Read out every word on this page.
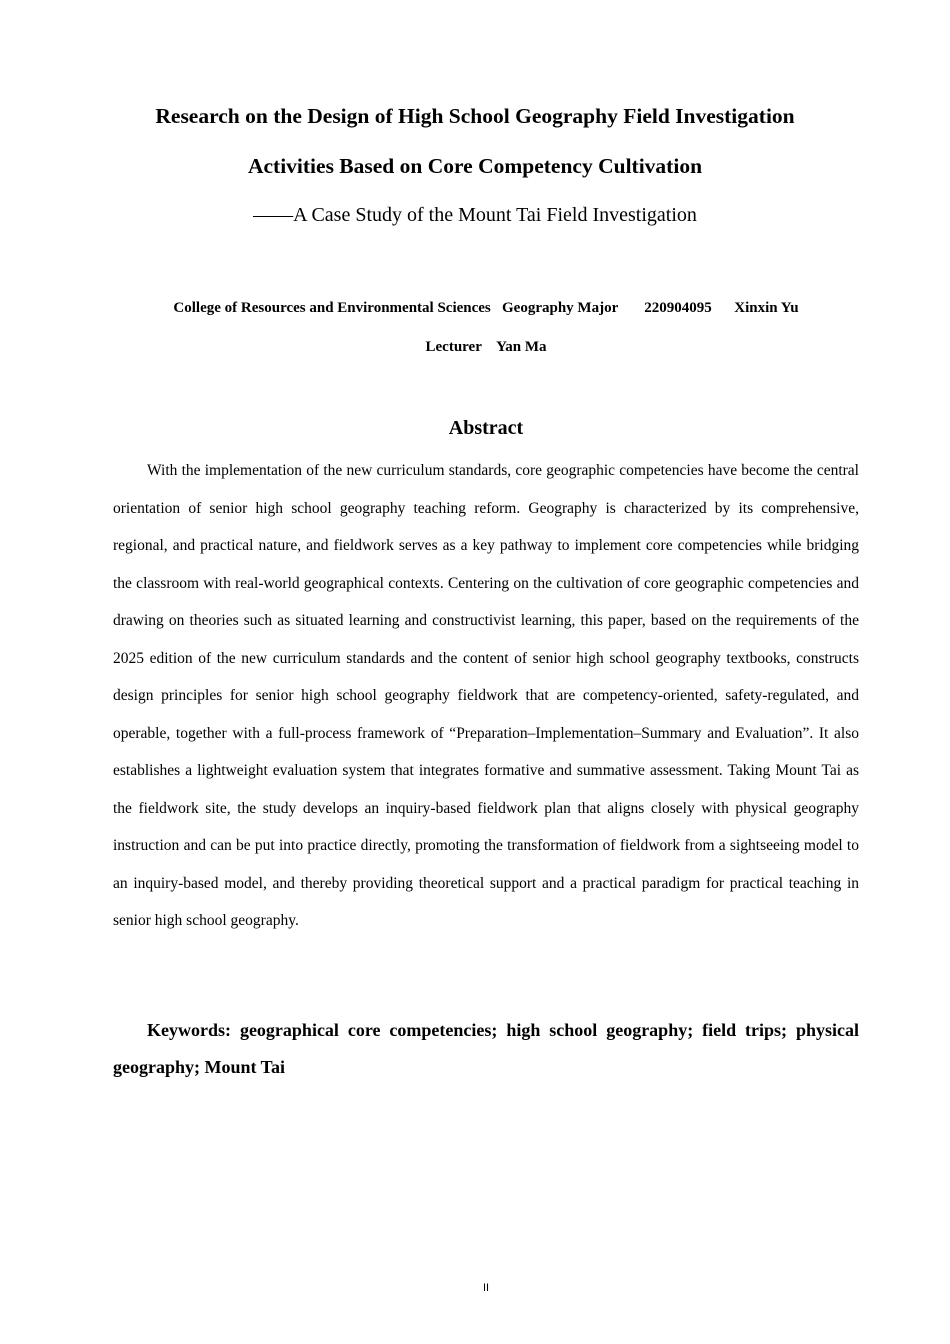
Research on the Design of High School Geography Field Investigation
Activities Based on Core Competency Cultivation
——A Case Study of the Mount Tai Field Investigation
College of Resources and Environmental Sciences Geography Major 220904095 Xinxin Yu
Lecturer Yan Ma
Abstract

With the implementation of the new curriculum standards, core geographic competencies have become the central orientation of senior high school geography teaching reform. Geography is characterized by its comprehensive, regional, and practical nature, and fieldwork serves as a key pathway to implement core competencies while bridging the classroom with real-world geographical contexts. Centering on the cultivation of core geographic competencies and drawing on theories such as situated learning and constructivist learning, this paper, based on the requirements of the 2025 edition of the new curriculum standards and the content of senior high school geography textbooks, constructs design principles for senior high school geography fieldwork that are competency-oriented, safety-regulated, and operable, together with a full-process framework of “Preparation–Implementation–Summary and Evaluation”. It also establishes a lightweight evaluation system that integrates formative and summative assessment. Taking Mount Tai as the fieldwork site, the study develops an inquiry-based fieldwork plan that aligns closely with physical geography instruction and can be put into practice directly, promoting the transformation of fieldwork from a sightseeing model to an inquiry-based model, and thereby providing theoretical support and a practical paradigm for practical teaching in senior high school geography.

Keywords: geographical core competencies; high school geography; field trips; physical geography; Mount Tai

II
